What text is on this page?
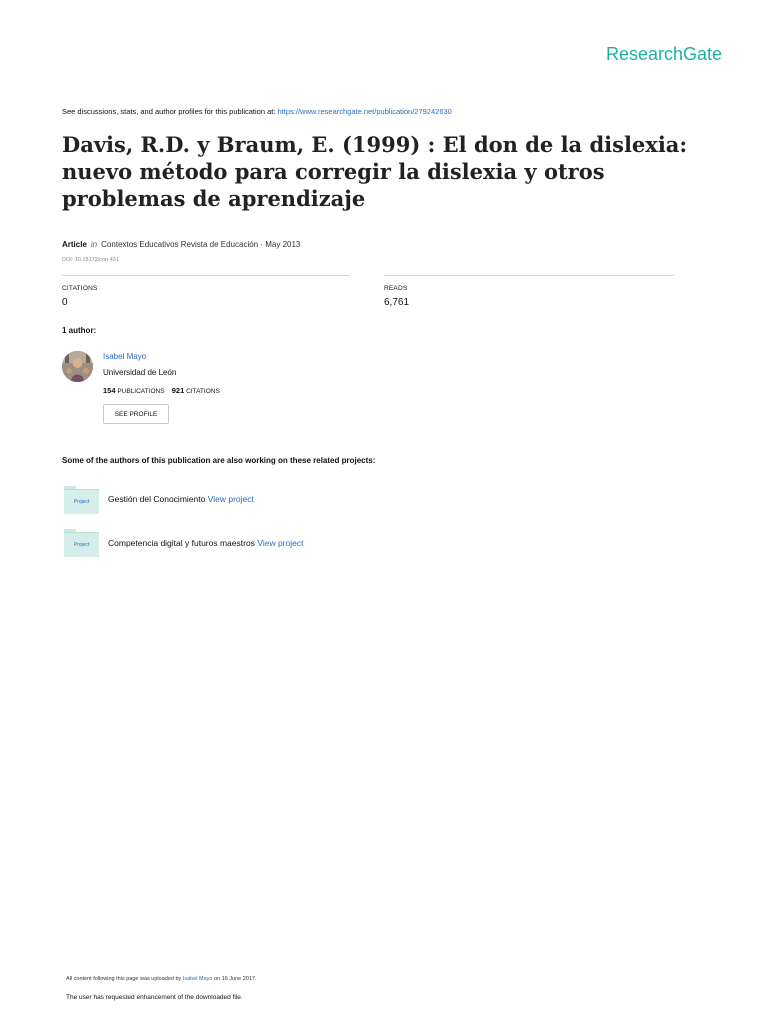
ResearchGate
See discussions, stats, and author profiles for this publication at: https://www.researchgate.net/publication/279242630
Davis, R.D. y Braum, E. (1999) : El don de la dislexia: nuevo método para corregir la dislexia y otros problemas de aprendizaje
Article in Contextos Educativos Revista de Educación · May 2013
DOI: 10.18172/con.431
CITATIONS
0
READS
6,761
1 author:
Isabel Mayo
Universidad de León
154 PUBLICATIONS 921 CITATIONS
SEE PROFILE
Some of the authors of this publication are also working on these related projects:
Project	Gestión del Conocimiento View project
Project	Competencia digital y futuros maestros View project
All content following this page was uploaded by Isabel Mayo on 16 June 2017.
The user has requested enhancement of the downloaded file.
